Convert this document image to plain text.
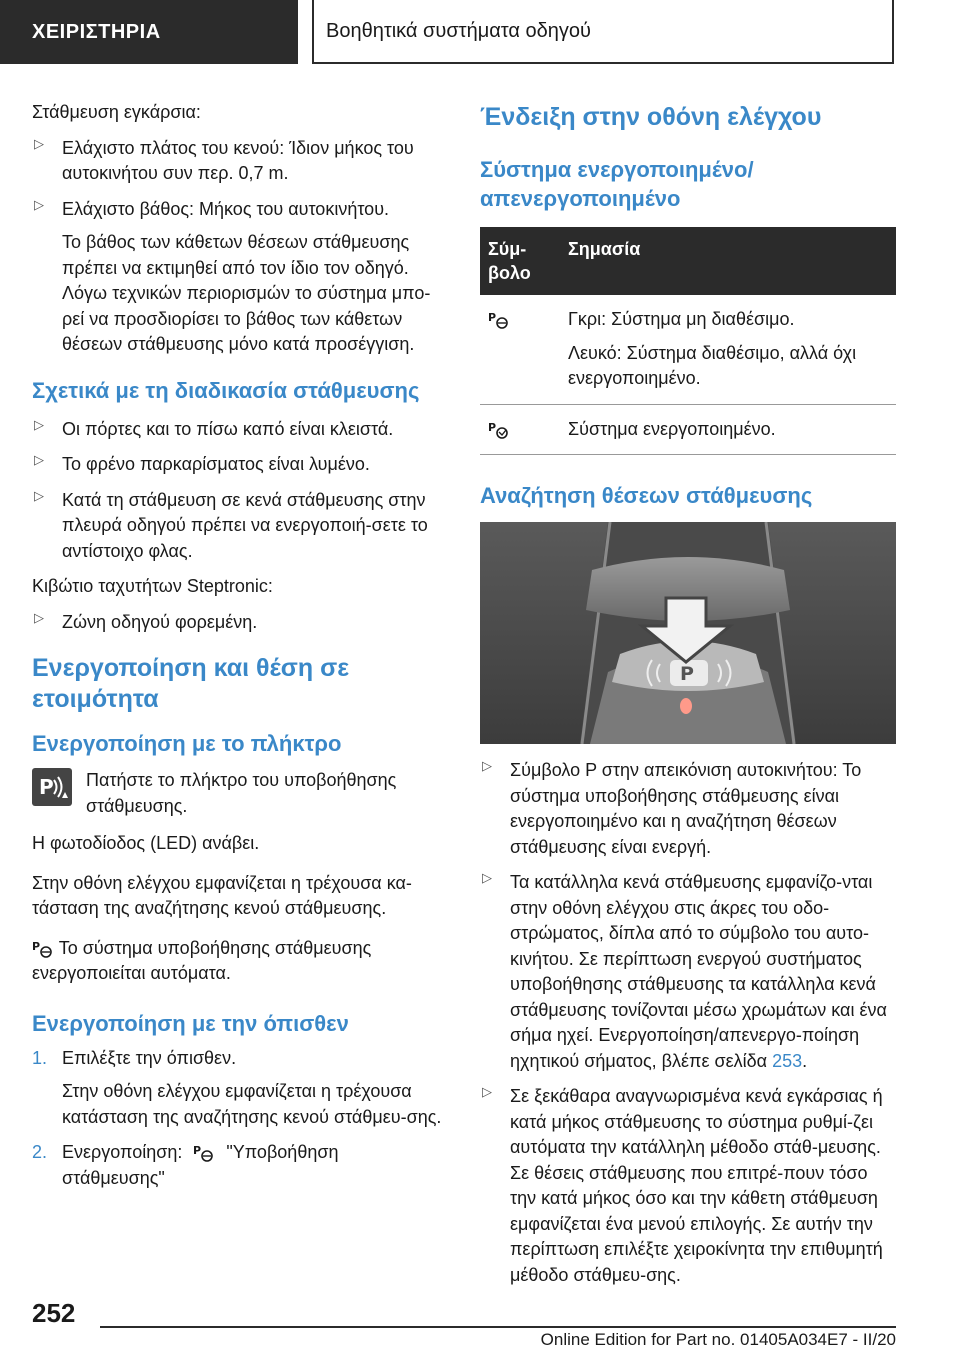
ΧΕΙΡΙΣΤΗΡΙΑ	Βοηθητικά συστήματα οδηγού

Στάθμευση εγκάρσια:

▷ Ελάχιστο πλάτος του κενού: Ίδιον μήκος του αυτοκινήτου συν περ. 0,7 m.

▷ Ελάχιστο βάθος: Μήκος του αυτοκινήτου.

Το βάθος των κάθετων θέσεων στάθμευσης πρέπει να εκτιμηθεί από τον ίδιο τον οδηγό. Λόγω τεχνικών περιορισμών το σύστημα μπο-ρεί να προσδιορίσει το βάθος των κάθετων θέσεων στάθμευσης μόνο κατά προσέγγιση.

Σχετικά με τη διαδικασία στάθμευσης
▷ Οι πόρτες και το πίσω καπό είναι κλειστά.

▷ Το φρένο παρκαρίσματος είναι λυμένο.

▷ Κατά τη στάθμευση σε κενά στάθμευσης στην πλευρά οδηγού πρέπει να ενεργοποιή-σετε το αντίστοιχο φλας.

Κιβώτιο ταχυτήτων Steptronic:

▷ Ζώνη οδηγού φορεμένη.

Ενεργοποίηση και θέση σε ετοιμότητα
Ενεργοποίηση με το πλήκτρο
P Πατήστε το πλήκτρο του υποβοήθησης στάθμευσης.

Η φωτοδίοδος (LED) ανάβει.

Στην οθόνη ελέγχου εμφανίζεται η τρέχουσα κα-τάσταση της αναζήτησης κενού στάθμευσης.

P Το σύστημα υποβοήθησης στάθμευσης ενεργοποιείται αυτόματα.

Ενεργοποίηση με την όπισθεν
1. Επιλέξτε την όπισθεν.

Στην οθόνη ελέγχου εμφανίζεται η τρέχουσα κατάσταση της αναζήτησης κενού στάθμευ-σης.

2. Ενεργοποίηση: P "Υποβοήθηση στάθμευσης"

Ένδειξη στην οθόνη ελέγχου
Σύστημα ενεργοποιημένο/ απενεργοποιημένο
Σύμ-βολο	Σημασία

P	Γκρι: Σύστημα μη διαθέσιμο.

Λευκό: Σύστημα διαθέσιμο, αλλά όχι ενεργοποιημένο.

P	Σύστημα ενεργοποιημένο.
Αναζήτηση θέσεων στάθμευσης
P
▷ Σύμβολο P στην απεικόνιση αυτοκινήτου: Το σύστημα υποβοήθησης στάθμευσης είναι ενεργοποιημένο και η αναζήτηση θέσεων στάθμευσης είναι ενεργή.

▷ Τα κατάλληλα κενά στάθμευσης εμφανίζο-νται στην οθόνη ελέγχου στις άκρες του οδο-στρώματος, δίπλα από το σύμβολο του αυτο-κινήτου. Σε περίπτωση ενεργού συστήματος υποβοήθησης στάθμευσης τα κατάλληλα κενά στάθμευσης τονίζονται μέσω χρωμάτων και ένα σήμα ηχεί. Ενεργοποίηση/απενεργο-ποίηση ηχητικού σήματος, βλέπε σελίδα 253.

▷ Σε ξεκάθαρα αναγνωρισμένα κενά εγκάρσιας ή κατά μήκος στάθμευσης το σύστημα ρυθμί-ζει αυτόματα την κατάλληλη μέθοδο στάθ-μευσης. Σε θέσεις στάθμευσης που επιτρέ-πουν τόσο την κατά μήκος όσο και την κάθετη στάθμευση εμφανίζεται ένα μενού επιλογής. Σε αυτήν την περίπτωση επιλέξτε χειροκίνητα την επιθυμητή μέθοδο στάθμευ-σης.

252
Online Edition for Part no. 01405A034E7 - II/20
